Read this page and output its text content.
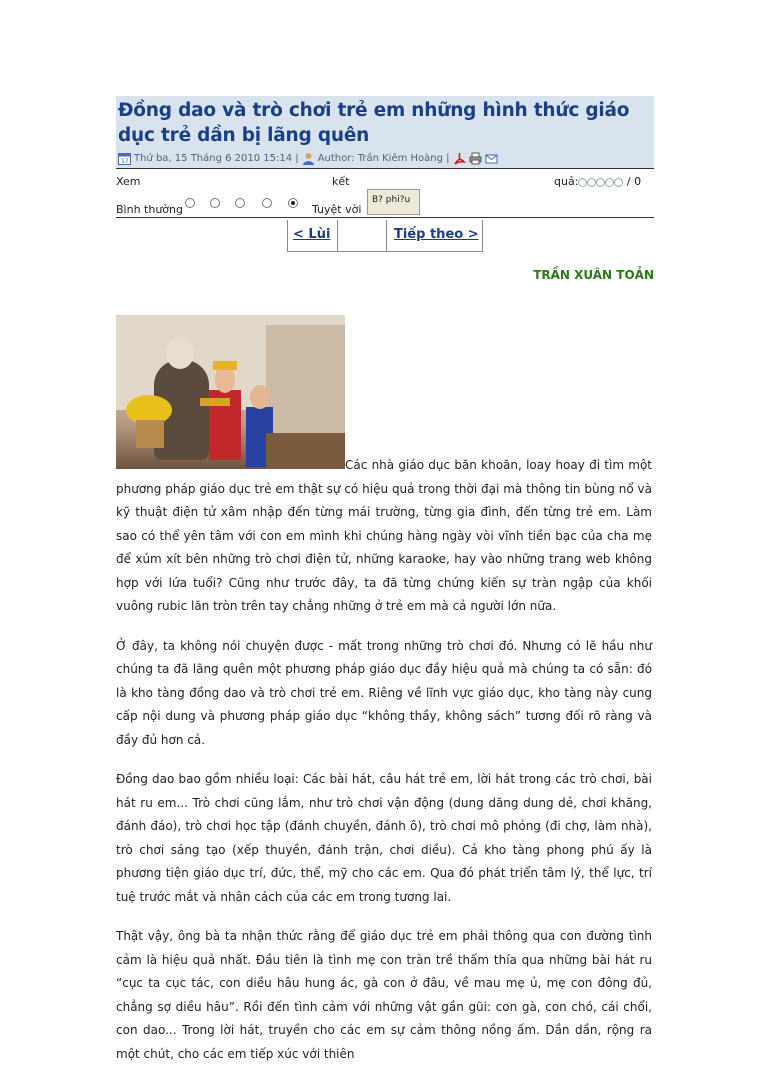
Đồng dao và trò chơi trẻ em những hình thức giáo dục trẻ dần bị lãng quên
17 Thứ ba, 15 Tháng 6 2010 15:14 | Author: Trần Kiêm Hoàng |
Xem	kết	quả:	/ 0
Bình thường	Tuyệt vời
B? phi?u
< Lùi	Tiếp theo >
TRẦN XUÂN TOẢN

Các nhà giáo dục băn khoăn, loay hoay đi tìm một phương pháp giáo dục trẻ em thật sự có hiệu quả trong thời đại mà thông tin bùng nổ và kỹ thuật điện tử xâm nhập đến từng mái trường, từng gia đình, đến từng trẻ em. Làm sao có thể yên tâm với con em mình khi chúng hàng ngày vòi vĩnh tiền bạc của cha mẹ để xúm xít bên những trò chơi điện tử, những karaoke, hay vào những trang web không hợp với lứa tuổi? Cũng như trước đây, ta đã từng chứng kiến sự tràn ngập của khối vuông rubic lăn tròn trên tay chẳng những ở trẻ em mà cả người lớn nữa.

Ở đây, ta không nói chuyện được - mất trong những trò chơi đó. Nhưng có lẽ hầu như chúng ta đã lãng quên một phương pháp giáo dục đầy hiệu quả mà chúng ta có sẵn: đó là kho tàng đồng dao và trò chơi trẻ em. Riêng về lĩnh vực giáo dục, kho tàng này cung cấp nội dung và phương pháp giáo dục “không thầy, không sách” tương đối rõ ràng và đầy đủ hơn cả.

Đồng dao bao gồm nhiều loại: Các bài hát, câu hát trẻ em, lời hát trong các trò chơi, bài hát ru em... Trò chơi cũng lắm, như trò chơi vận động (dung dăng dung dẻ, chơi khăng, đánh đáo), trò chơi học tập (đánh chuyền, đánh ô), trò chơi mô phỏng (đi chợ, làm nhà), trò chơi sáng tạo (xếp thuyền, đánh trận, chơi diều). Cả kho tàng phong phú ấy là phương tiện giáo dục trí, đức, thể, mỹ cho các em. Qua đó phát triển tâm lý, thể lực, trí tuệ trước mắt và nhân cách của các em trong tương lai.

Thật vậy, ông bà ta nhận thức rằng để giáo dục trẻ em phải thông qua con đường tình cảm là hiệu quả nhất. Đầu tiên là tình mẹ con tràn trề thấm thía qua những bài hát ru “cục ta cục tác, con diều hâu hung ác, gà con ở đâu, về mau mẹ ủ, mẹ con đông đủ, chẳng sợ diều hâu”. Rồi đến tình cảm với những vật gần gũi: con gà, con chó, cái chổi, con dao... Trong lời hát, truyền cho các em sự cảm thông nồng ấm. Dần dần, rộng ra một chút, cho các em tiếp xúc với thiên
